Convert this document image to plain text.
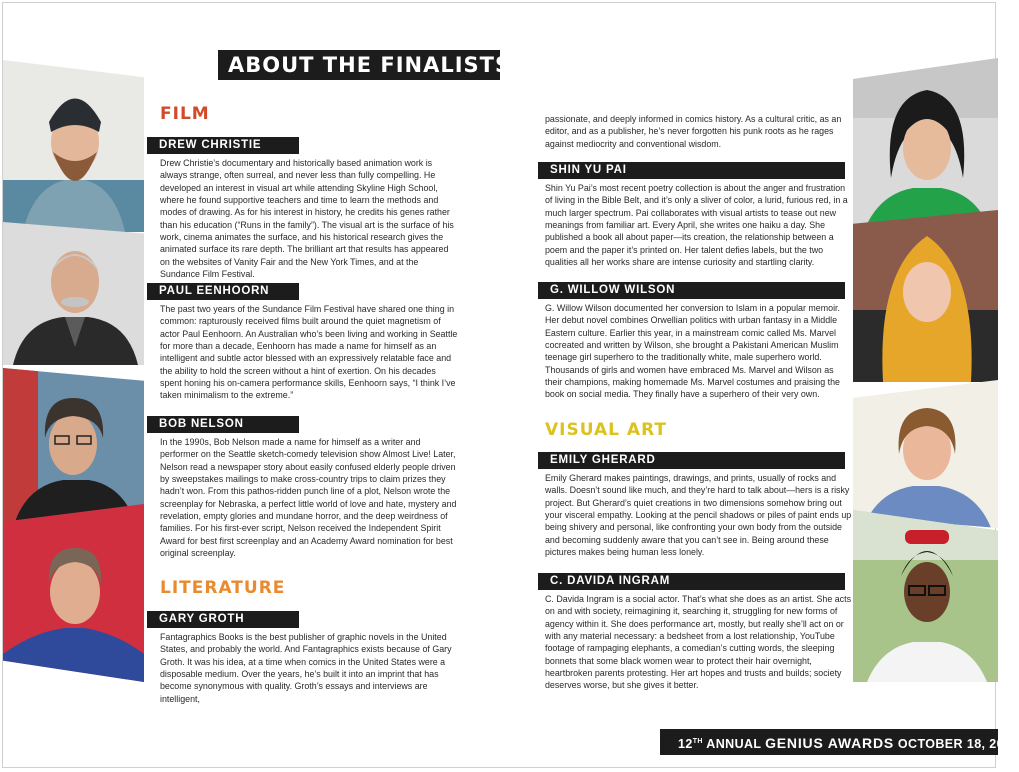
ABOUT THE FINALISTS
FILM
DREW CHRISTIE

Drew Christie’s documentary and historically based animation work is always strange, often surreal, and never less than fully compelling. He developed an interest in visual art while attending Skyline High School, where he found supportive teachers and time to learn the methods and modes of drawing. As for his interest in history, he credits his genes rather than his education (“Runs in the family”). The visual art is the surface of his work, cinema animates the surface, and his historical research gives the animated surface its rare depth. The brilliant art that results has appeared on the websites of Vanity Fair and the New York Times, and at the Sundance Film Festival.

PAUL EENHOORN

The past two years of the Sundance Film Festival have shared one thing in common: rapturously received films built around the quiet magnetism of actor Paul Eenhoorn. An Australian who’s been living and working in Seattle for more than a decade, Eenhoorn has made a name for himself as an intelligent and subtle actor blessed with an expressively relatable face and the ability to hold the screen without a hint of exertion. On his decades spent honing his on-camera performance skills, Eenhoorn says, “I think I’ve taken minimalism to the extreme.”

BOB NELSON

In the 1990s, Bob Nelson made a name for himself as a writer and performer on the Seattle sketch-comedy television show Almost Live! Later, Nelson read a newspaper story about easily confused elderly people driven by sweepstakes mailings to make cross-country trips to claim prizes they hadn’t won. From this pathos-ridden punch line of a plot, Nelson wrote the screenplay for Nebraska, a perfect little world of love and hate, mystery and revelation, empty glories and mundane horror, and the deep weirdness of families. For his first-ever script, Nelson received the Independent Spirit Award for best first screenplay and an Academy Award nomination for best original screenplay.

LITERATURE
GARY GROTH

Fantagraphics Books is the best publisher of graphic novels in the United States, and probably the world. And Fantagraphics exists because of Gary Groth. It was his idea, at a time when comics in the United States were a disposable medium. Over the years, he’s built it into an imprint that has become synonymous with quality. Groth’s essays and interviews are intelligent,

passionate, and deeply informed in comics history. As a cultural critic, as an editor, and as a publisher, he’s never forgotten his punk roots as he rages against mediocrity and conventional wisdom.

SHIN YU PAI

Shin Yu Pai’s most recent poetry collection is about the anger and frustration of living in the Bible Belt, and it’s only a sliver of color, a lurid, furious red, in a much larger spectrum. Pai collaborates with visual artists to tease out new meanings from familiar art. Every April, she writes one haiku a day. She published a book all about paper—its creation, the relationship between a poem and the paper it’s printed on. Her talent defies labels, but the two qualities all her works share are intense curiosity and startling clarity.

G. WILLOW WILSON

G. Willow Wilson documented her conversion to Islam in a popular memoir. Her debut novel combines Orwellian politics with urban fantasy in a Middle Eastern culture. Earlier this year, in a mainstream comic called Ms. Marvel cocreated and written by Wilson, she brought a Pakistani American Muslim teenage girl superhero to the traditionally white, male superhero world. Thousands of girls and women have embraced Ms. Marvel and Wilson as their champions, making homemade Ms. Marvel costumes and praising the book on social media. They finally have a superhero of their very own.

VISUAL ART
EMILY GHERARD

Emily Gherard makes paintings, drawings, and prints, usually of rocks and walls. Doesn’t sound like much, and they’re hard to talk about—hers is a risky project. But Gherard’s quiet creations in two dimensions somehow bring out your visceral empathy. Looking at the pencil shadows or piles of paint ends up being shivery and personal, like confronting your own body from the outside and becoming suddenly aware that you can’t see in. Being around these pictures makes being human less lonely.

C. DAVIDA INGRAM

C. Davida Ingram is a social actor. That’s what she does as an artist. She acts on and with society, reimagining it, searching it, struggling for new forms of agency within it. She does performance art, mostly, but really she’ll act on or with any material necessary: a bedsheet from a lost relationship, YouTube footage of rampaging elephants, a comedian’s cutting words, the sleeping bonnets that some black women wear to protect their hair overnight, heartbroken parents protesting. Her art hopes and trusts and builds; society deserves worse, but she gives it better.

12TH ANNUAL GENIUS AWARDS OCTOBER 18, 2014
